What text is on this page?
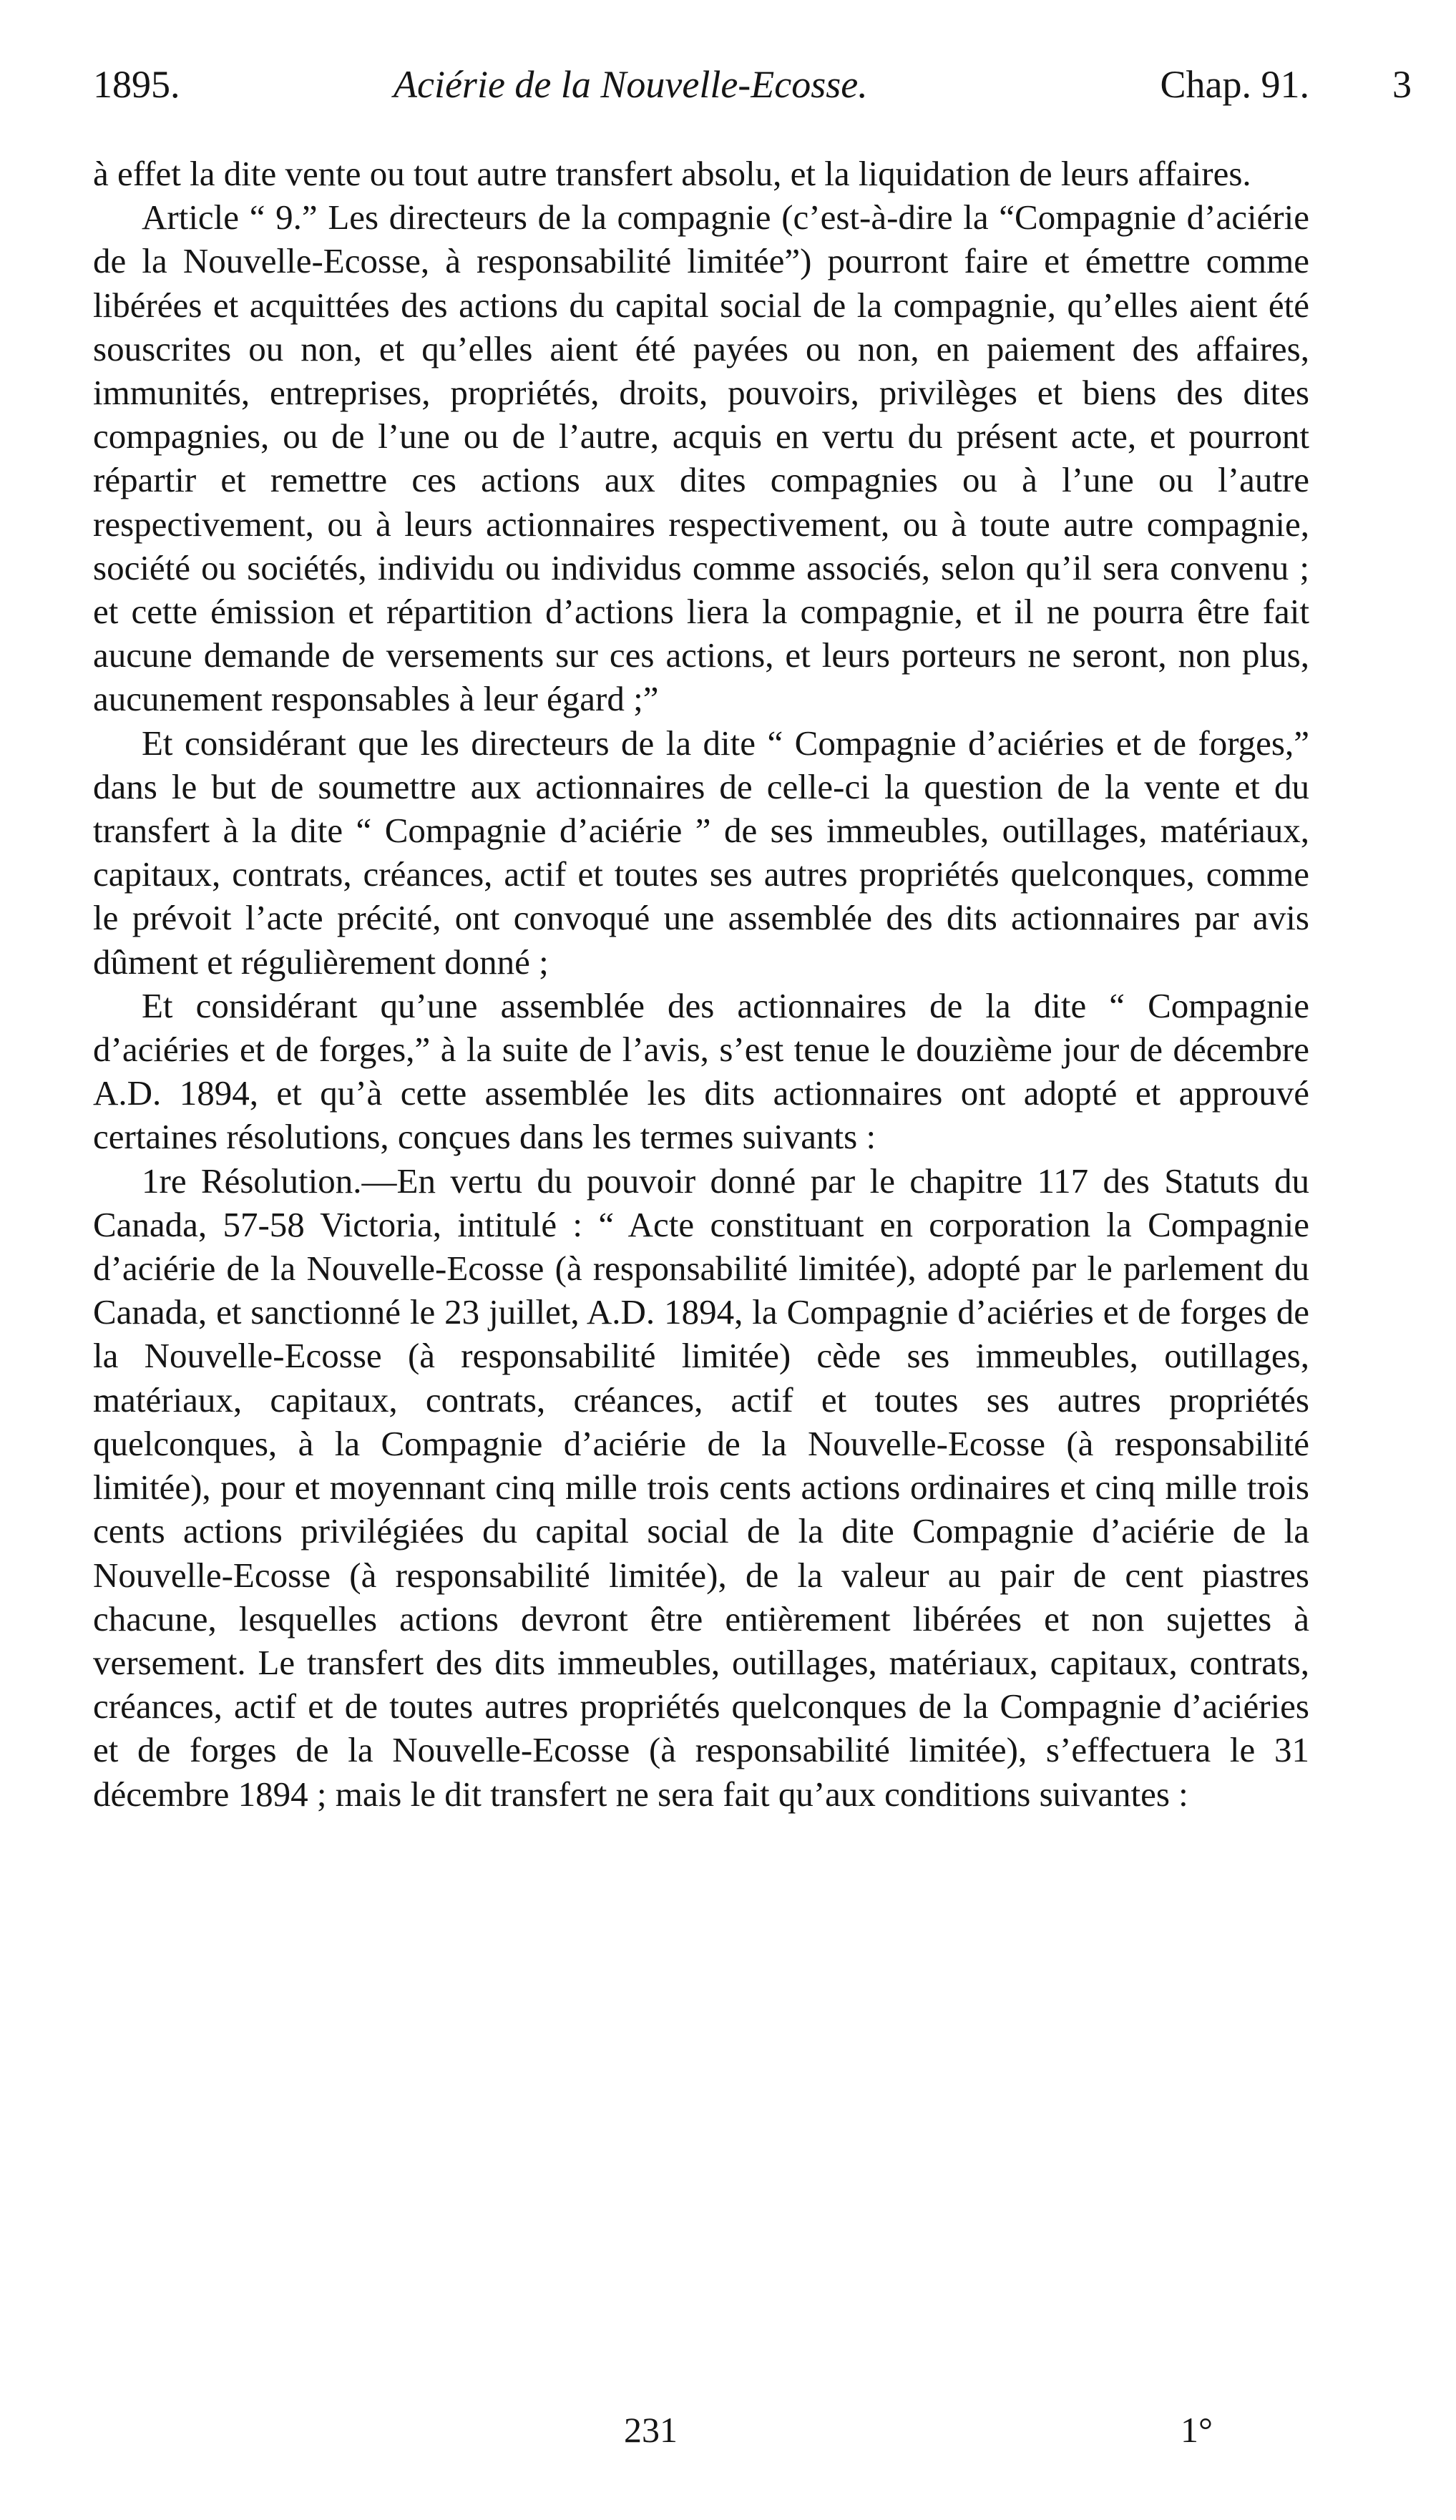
1895.	Aciérie de la Nouvelle-Ecosse.	Chap. 91. 3

à effet la dite vente ou tout autre transfert absolu, et la liquidation de leurs affaires.

Article “ 9.” Les directeurs de la compagnie (c’est-à-dire la “Compagnie d’aciérie de la Nouvelle-Ecosse, à responsabilité limitée”) pourront faire et émettre comme libérées et acquittées des actions du capital social de la compagnie, qu’elles aient été souscrites ou non, et qu’elles aient été payées ou non, en paiement des affaires, immunités, entreprises, propriétés, droits, pouvoirs, privilèges et biens des dites compagnies, ou de l’une ou de l’autre, acquis en vertu du présent acte, et pourront répartir et remettre ces actions aux dites compagnies ou à l’une ou l’autre respectivement, ou à leurs actionnaires respectivement, ou à toute autre compagnie, société ou sociétés, individu ou individus comme associés, selon qu’il sera convenu ; et cette émission et répartition d’actions liera la compagnie, et il ne pourra être fait aucune demande de versements sur ces actions, et leurs porteurs ne seront, non plus, aucunement responsables à leur égard ;”

Et considérant que les directeurs de la dite “ Compagnie d’aciéries et de forges,” dans le but de soumettre aux actionnaires de celle-ci la question de la vente et du transfert à la dite “ Compagnie d’aciérie ” de ses immeubles, outillages, matériaux, capitaux, contrats, créances, actif et toutes ses autres propriétés quelconques, comme le prévoit l’acte précité, ont convoqué une assemblée des dits actionnaires par avis dûment et régulièrement donné ;

Et considérant qu’une assemblée des actionnaires de la dite “ Compagnie d’aciéries et de forges,” à la suite de l’avis, s’est tenue le douzième jour de décembre A.D. 1894, et qu’à cette assemblée les dits actionnaires ont adopté et approuvé certaines résolutions, conçues dans les termes suivants :

1re Résolution.—En vertu du pouvoir donné par le chapitre 117 des Statuts du Canada, 57-58 Victoria, intitulé : “ Acte constituant en corporation la Compagnie d’aciérie de la Nouvelle-Ecosse (à responsabilité limitée), adopté par le parlement du Canada, et sanctionné le 23 juillet, A.D. 1894, la Compagnie d’aciéries et de forges de la Nouvelle-Ecosse (à responsabilité limitée) cède ses immeubles, outillages, matériaux, capitaux, contrats, créances, actif et toutes ses autres propriétés quelconques, à la Compagnie d’aciérie de la Nouvelle-Ecosse (à responsabilité limitée), pour et moyennant cinq mille trois cents actions ordinaires et cinq mille trois cents actions privilégiées du capital social de la dite Compagnie d’aciérie de la Nouvelle-Ecosse (à responsabilité limitée), de la valeur au pair de cent piastres chacune, lesquelles actions devront être entièrement libérées et non sujettes à versement. Le transfert des dits immeubles, outillages, matériaux, capitaux, contrats, créances, actif et de toutes autres propriétés quelconques de la Compagnie d’aciéries et de forges de la Nouvelle-Ecosse (à responsabilité limitée), s’effectuera le 31 décembre 1894 ; mais le dit transfert ne sera fait qu’aux conditions suivantes :

231	1°
